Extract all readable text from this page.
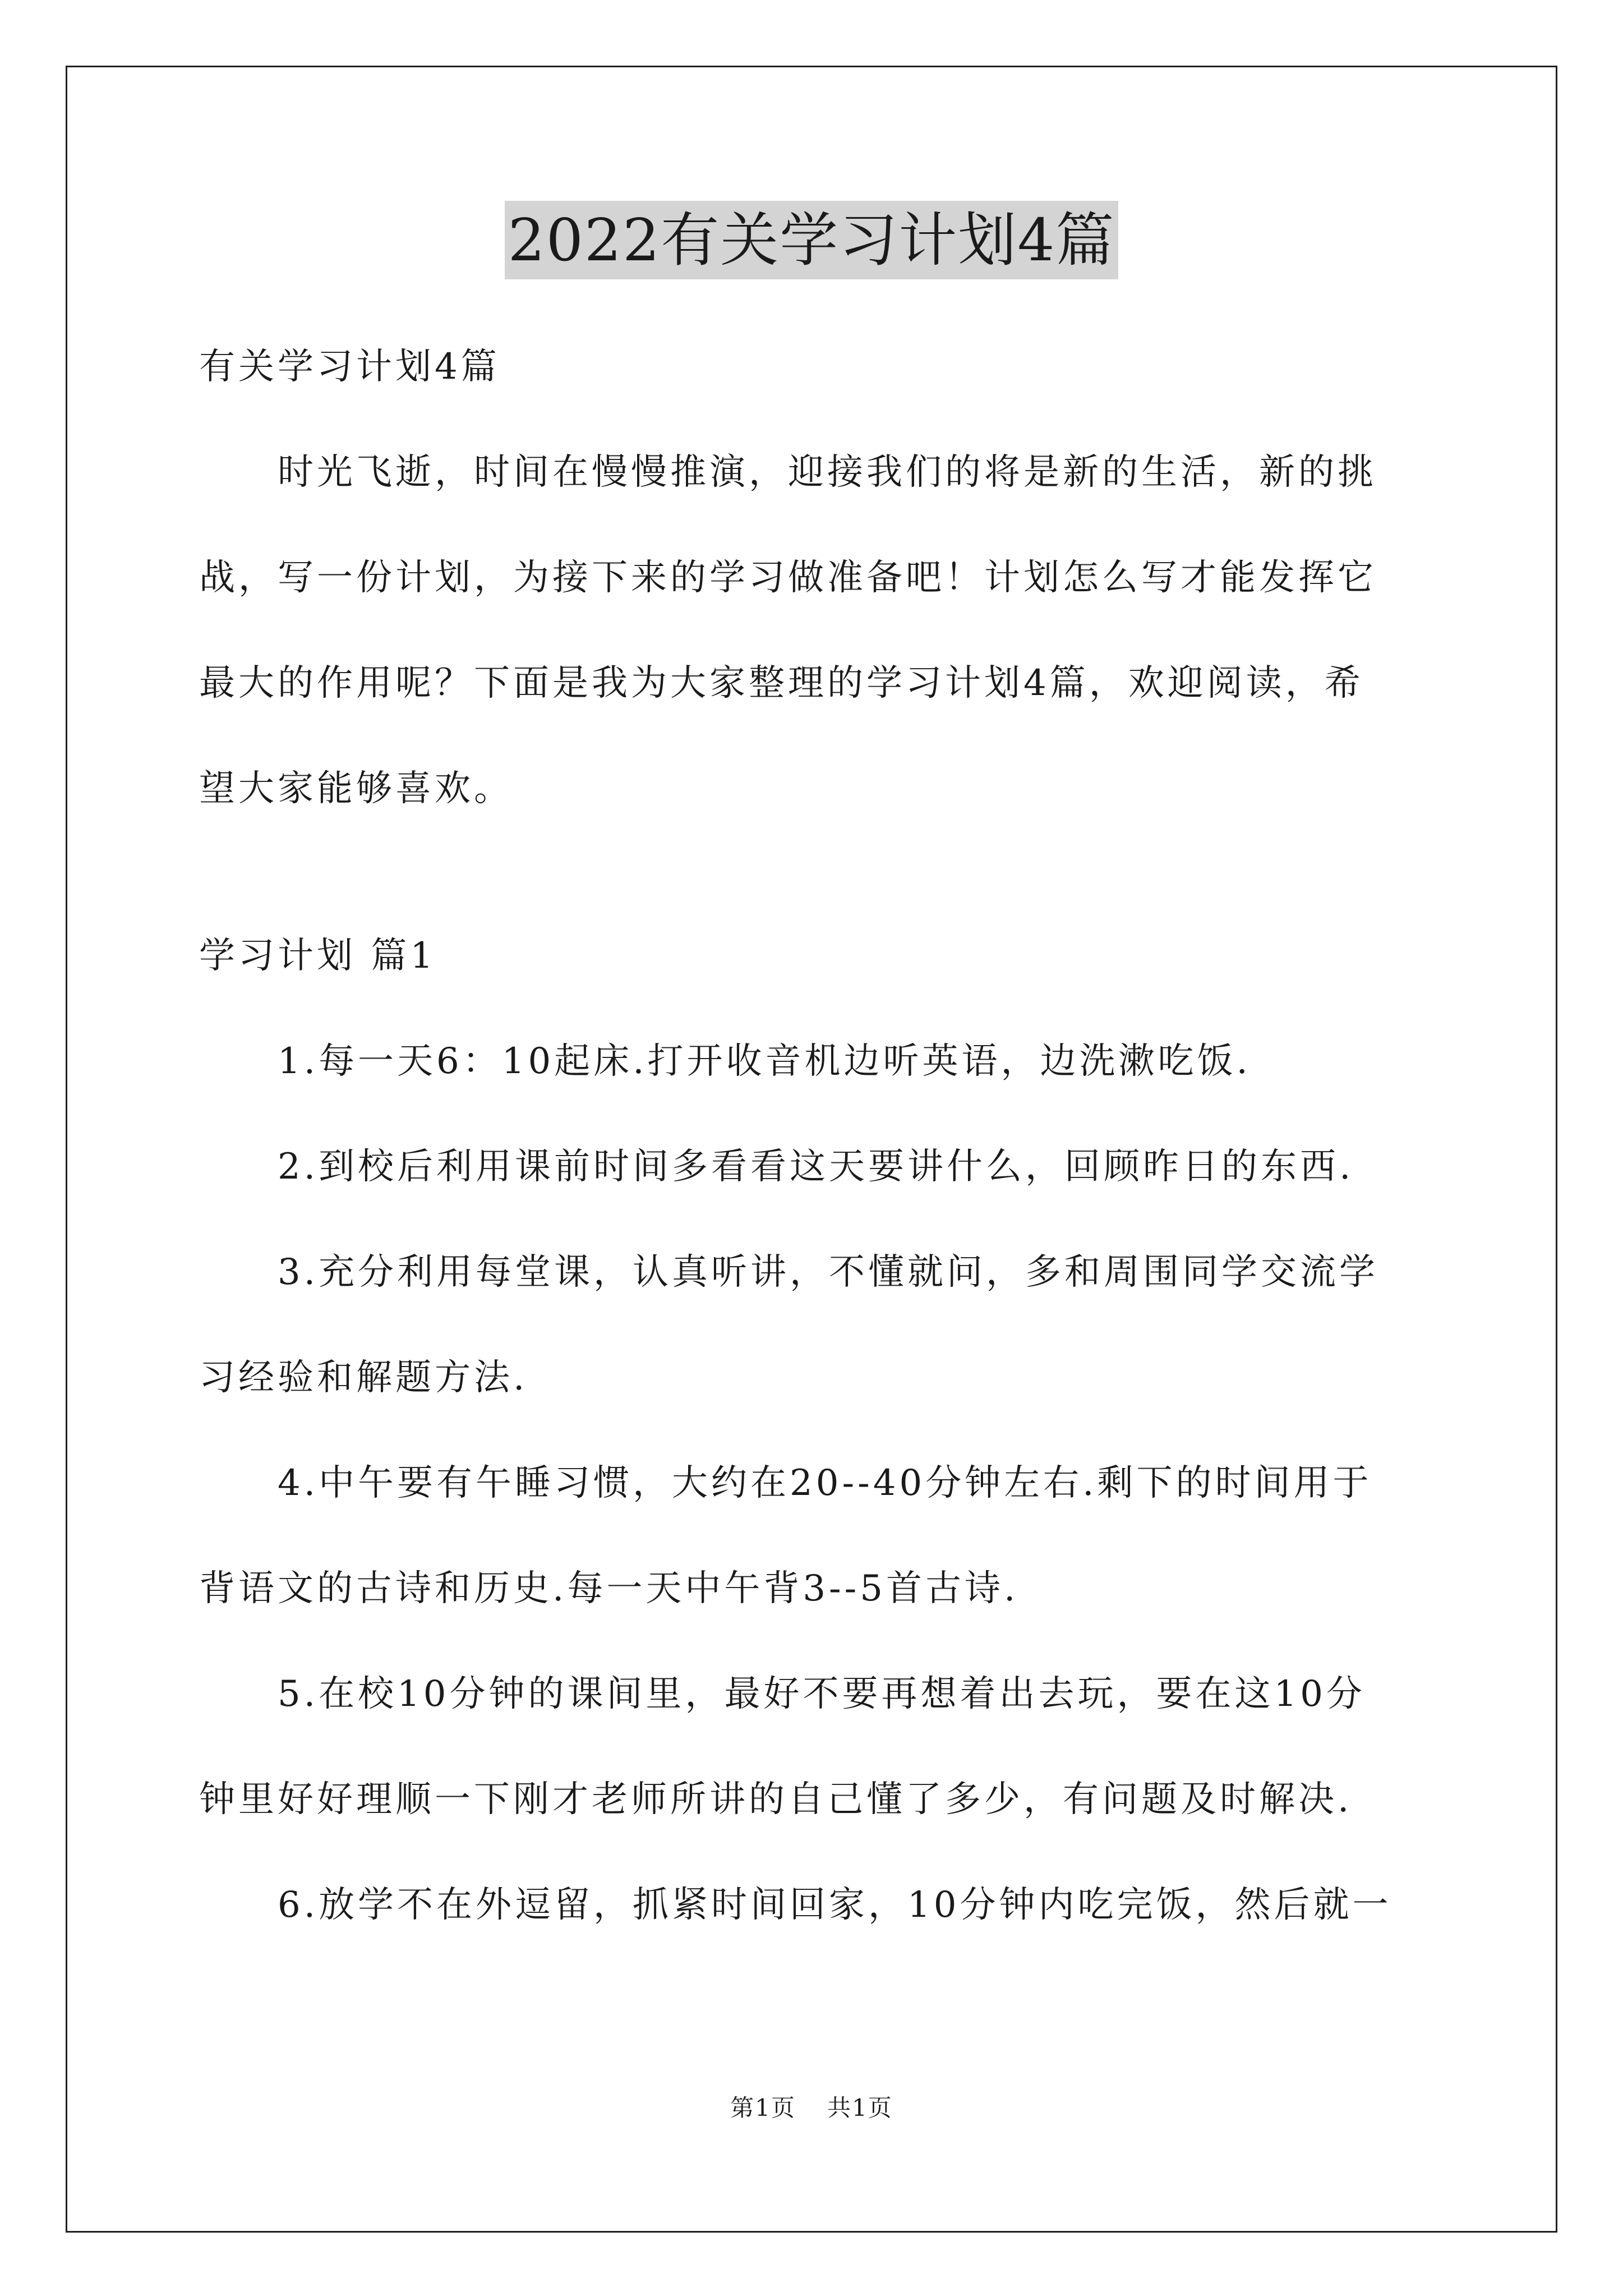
2022有关学习计划4篇

有关学习计划4篇

时光飞逝，时间在慢慢推演，迎接我们的将是新的生活，新的挑

战，写一份计划，为接下来的学习做准备吧！计划怎么写才能发挥它

最大的作用呢？下面是我为大家整理的学习计划4篇，欢迎阅读，希

望大家能够喜欢。

学习计划 篇1

1.每一天6：10起床.打开收音机边听英语，边洗漱吃饭.

2.到校后利用课前时间多看看这天要讲什么，回顾昨日的东西.

3.充分利用每堂课，认真听讲，不懂就问，多和周围同学交流学

习经验和解题方法.

4.中午要有午睡习惯，大约在20--40分钟左右.剩下的时间用于

背语文的古诗和历史.每一天中午背3--5首古诗.

5.在校10分钟的课间里，最好不要再想着出去玩，要在这10分

钟里好好理顺一下刚才老师所讲的自己懂了多少，有问题及时解决.

6.放学不在外逗留，抓紧时间回家，10分钟内吃完饭，然后就一

第1页 共1页
